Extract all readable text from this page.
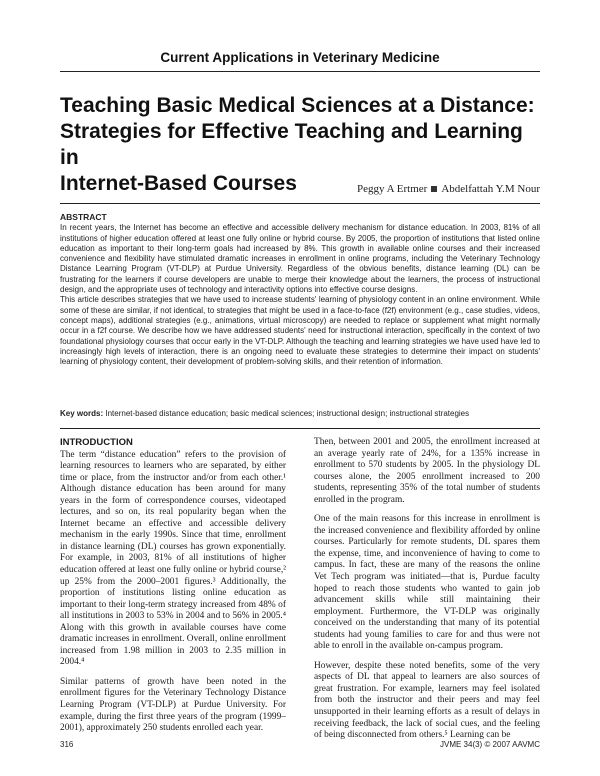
Current Applications in Veterinary Medicine
Teaching Basic Medical Sciences at a Distance:
Strategies for Effective Teaching and Learning in
Internet-Based Courses	Peggy A Ertmer Abdelfattah Y.M Nour
ABSTRACT

In recent years, the Internet has become an effective and accessible delivery mechanism for distance education. In 2003, 81% of all institutions of higher education offered at least one fully online or hybrid course. By 2005, the proportion of institutions that listed online education as important to their long-term goals had increased by 8%. This growth in available online courses and their increased convenience and flexibility have stimulated dramatic increases in enrollment in online programs, including the Veterinary Technology Distance Learning Program (VT-DLP) at Purdue University. Regardless of the obvious benefits, distance learning (DL) can be frustrating for the learners if course developers are unable to merge their knowledge about the learners, the process of instructional design, and the appropriate uses of technology and interactivity options into effective course designs.

This article describes strategies that we have used to increase students' learning of physiology content in an online environment. While some of these are similar, if not identical, to strategies that might be used in a face-to-face (f2f) environment (e.g., case studies, videos, concept maps), additional strategies (e.g., animations, virtual microscopy) are needed to replace or supplement what might normally occur in a f2f course. We describe how we have addressed students' need for instructional interaction, specifically in the context of two foundational physiology courses that occur early in the VT-DLP. Although the teaching and learning strategies we have used have led to increasingly high levels of interaction, there is an ongoing need to evaluate these strategies to determine their impact on students' learning of physiology content, their development of problem-solving skills, and their retention of information.

Key words: Internet-based distance education; basic medical sciences; instructional design; instructional strategies
INTRODUCTION

The term “distance education” refers to the provision of learning resources to learners who are separated, by either time or place, from the instructor and/or from each other.¹ Although distance education has been around for many years in the form of correspondence courses, videotaped lectures, and so on, its real popularity began when the Internet became an effective and accessible delivery mechanism in the early 1990s. Since that time, enrollment in distance learning (DL) courses has grown exponentially. For example, in 2003, 81% of all institutions of higher education offered at least one fully online or hybrid course,² up 25% from the 2000–2001 figures.³ Additionally, the proportion of institutions listing online education as important to their long-term strategy increased from 48% of all institutions in 2003 to 53% in 2004 and to 56% in 2005.⁴ Along with this growth in available courses have come dramatic increases in enrollment. Overall, online enrollment increased from 1.98 million in 2003 to 2.35 million in 2004.⁴

Similar patterns of growth have been noted in the enrollment figures for the Veterinary Technology Distance Learning Program (VT-DLP) at Purdue University. For example, during the first three years of the program (1999–2001), approximately 250 students enrolled each year.

Then, between 2001 and 2005, the enrollment increased at an average yearly rate of 24%, for a 135% increase in enrollment to 570 students by 2005. In the physiology DL courses alone, the 2005 enrollment increased to 200 students, representing 35% of the total number of students enrolled in the program.

One of the main reasons for this increase in enrollment is the increased convenience and flexibility afforded by online courses. Particularly for remote students, DL spares them the expense, time, and inconvenience of having to come to campus. In fact, these are many of the reasons the online Vet Tech program was initiated—that is, Purdue faculty hoped to reach those students who wanted to gain job advancement skills while still maintaining their employment. Furthermore, the VT-DLP was originally conceived on the understanding that many of its potential students had young families to care for and thus were not able to enroll in the available on-campus program.

However, despite these noted benefits, some of the very aspects of DL that appeal to learners are also sources of great frustration. For example, learners may feel isolated from both the instructor and their peers and may feel unsupported in their learning efforts as a result of delays in receiving feedback, the lack of social cues, and the feeling of being disconnected from others.⁵ Learning can be

316	JVME 34(3) © 2007 AAVMC
